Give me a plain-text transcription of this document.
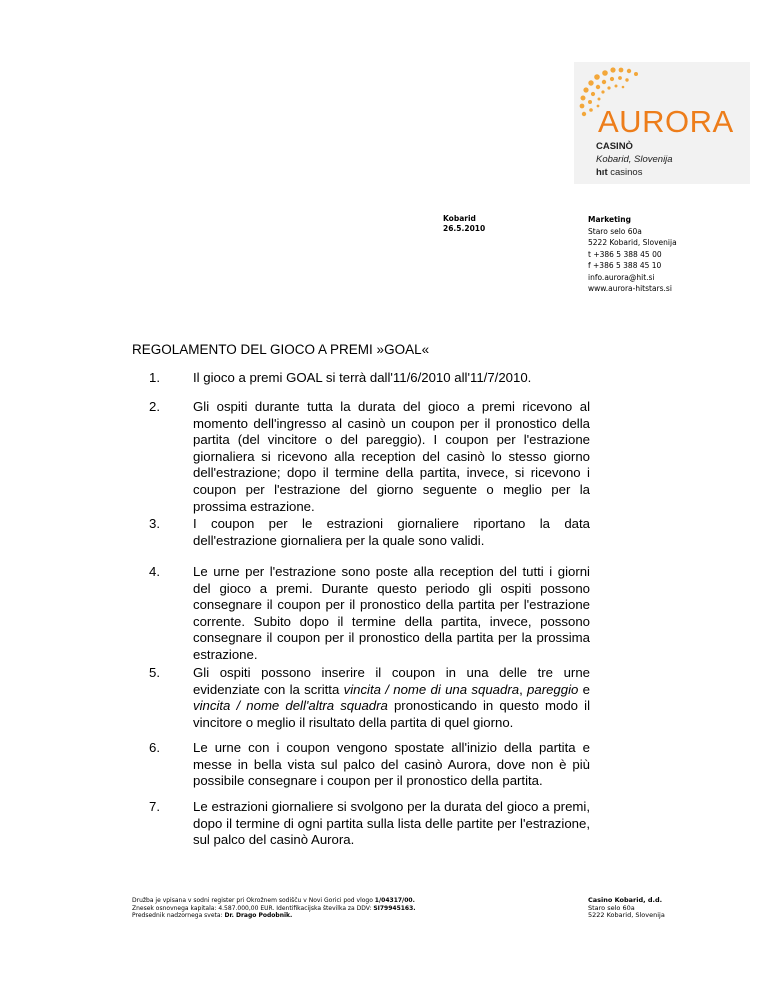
AURORA
CASINÒ
Kobarid, Slovenija
hıt casinos
Kobarid
26.5.2010
Marketing
Staro selo 60a
5222 Kobarid, Slovenija
t +386 5 388 45 00
f +386 5 388 45 10
info.aurora@hit.si
www.aurora-hitstars.si
REGOLAMENTO DEL GIOCO A PREMI »GOAL«
1.	Il gioco a premi GOAL si terrà dall'11/6/2010 all'11/7/2010.
2.	Gli ospiti durante tutta la durata del gioco a premi ricevono al momento dell'ingresso al casinò un coupon per il pronostico della partita (del vincitore o del pareggio). I coupon per l'estrazione giornaliera si ricevono alla reception del casinò lo stesso giorno dell'estrazione; dopo il termine della partita, invece, si ricevono i coupon per l'estrazione del giorno seguente o meglio per la prossima estrazione.
3.	I coupon per le estrazioni giornaliere riportano la data dell'estrazione giornaliera per la quale sono validi.
4.	Le urne per l'estrazione sono poste alla reception del tutti i giorni del gioco a premi. Durante questo periodo gli ospiti possono consegnare il coupon per il pronostico della partita per l'estrazione corrente. Subito dopo il termine della partita, invece, possono consegnare il coupon per il pronostico della partita per la prossima estrazione.
5.	Gli ospiti possono inserire il coupon in una delle tre urne evidenziate con la scritta vincita / nome di una squadra, pareggio e vincita / nome dell'altra squadra pronosticando in questo modo il vincitore o meglio il risultato della partita di quel giorno.
6.	Le urne con i coupon vengono spostate all'inizio della partita e messe in bella vista sul palco del casinò Aurora, dove non è più possibile consegnare i coupon per il pronostico della partita.
7.	Le estrazioni giornaliere si svolgono per la durata del gioco a premi, dopo il termine di ogni partita sulla lista delle partite per l'estrazione, sul palco del casinò Aurora.
Družba je vpisana v sodni register pri Okrožnem sodišču v Novi Gorici pod vlogo 1/04317/00.
Znesek osnovnega kapitala: 4.587.000,00 EUR. Identifikacijska številka za DDV: SI79945163.
Predsednik nadzornega sveta: Dr. Drago Podobnik.
Casino Kobarid, d.d.
Staro selo 60a
5222 Kobarid, Slovenija
